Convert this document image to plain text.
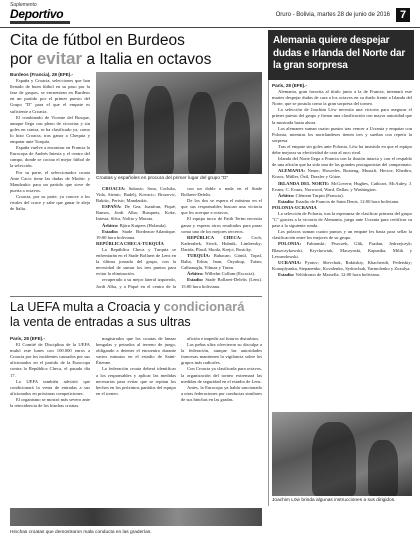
Suplemento
Deportivo	Oruro - Bolivia, martes 28 de junio de 2016 7
Cita de fútbol en Burdeos
por evitar a Italia en octavos
Burdeos (Francia), 28 (EFE).-

España y Croacia, selecciones que han llenado de buen fútbol en su paso por la fase de grupos, se encuentran en Burdeos en un partido por el primer puesto del Grupo "D" para el que el empate es suficiente a Croacia.

El combinado de Vicente del Bosque, aunque llega con pleno de victorias y sin goles en contra, se ha clasificado ya, como lo hizo Croacia, tras ganar a Chequia y empatar ante Turquía.

España vuelve a encontrar en Francia la Eurocopa de Andrés Iniesta y el centro del campo, donde se cocina el mejor fútbol de la selección.

Por su parte, el seleccionador croata Ante Cacic tiene las dudas de Modric y Mandzukic para un partido que sirve de puerta a octavos.

Croacia, por su parte, ya conoce a los rivales del cruce y sabe que ganar le aleja de Italia.

Croatas y españoles en procura del primer lugar del grupo "D"

CROACIA: Subasic; Srna, Corluka, Vida, Strinic; Badelj, Kovacic; Brozovic, Rakitic, Perisic; Mandzukic.

ESPAÑA: De Gea; Juanfran, Piqué, Ramos, Jordi Alba; Busquets, Koke, Iniesta; Silva, Nolito y Morata.

Árbitro: Björn Kuipers (Holanda).

Estadio: Stade Bordeaux-Atlantique. 19:00 hora boliviana.

REPÚBLICA CHECA-TURQUÍA

La República Checa y Turquía se enfrentarán en el Stade Bollaert de Lens en la última jornada del grupo, con la necesidad de sumar los tres puntos para evitar la eliminación.

recuperado a su mejor lateral izquierdo, Jordi Alba, y a Piqué en el centro de la

con un doble o nada en el Stade Bollaert-Delelis.

De los dos se espera el máximo en el que sus responsables buscan una victoria que les acerque a octavos.

El equipo turco de Fatih Terim necesita ganar y esperar otros resultados para pasar como uno de los mejores terceros.

REPÚBLICA CHECA: Cech, Kaderabek, Sivok, Hubnik, Limbersky; Darida, Plasil; Skoda, Krejci, Rosicky.

TURQUÍA: Babacan; Gönül, Topal, Balta, Erkin; Inan, Özyakup, Tufan; Calhanoglu, Yilmaz y Turan.

Árbitro: Wilhelm Collum (Escocia).

Estadio: Stade Bollaert-Delelis (Lens). 15:00 hora boliviana.

Alemania quiere despejar dudas e Irlanda del Norte dar la gran sorpresa
París, 28 (EFE).-

Alemania, gran favorita al título junto a la de Francia, intentará este martes despejar dudas de cara a los octavos en su duelo frente a Irlanda del Norte, que se postula como la gran sorpresa del torneo.

La selección de Joachim Löw necesita una victoria para asegurar el primer puesto del grupo y firmar una clasificación con mayor autoridad que la mostrada hasta ahora.

Los alemanes suman cuatro puntos tras vencer a Ucrania y empatar con Polonia, mientras los norirlandeses tienen tres y sueñan con repetir la sorpresa.

Tras el empate sin goles ante Polonia, Löw ha insistido en que el equipo debe mejorar su efectividad de cara al arco rival.

Irlanda del Norte llega a Francia con la ilusión intacta y con el respaldo de una afición que ha sido una de las grandes protagonistas del campeonato.

ALEMANIA: Neuer; Howedes, Boateng, Mustafi, Hector; Khedira, Kroos; Müller, Özil, Draxler y Götze.

IRLANDA DEL NORTE: McGovern; Hughes, Cathcart, McAuley, J. Evans; C. Evans, Norwood, Ward, Dallas; y Washington.

Árbitro: Clément Turpin (Francia).

Estadio: Estadio de Francia de Saint Denis. 12:00 hora boliviana.

POLONIA-UCRANIA

La selección de Polonia, tras la esperanza de clasificar primera del grupo "C" gracias a la victoria de Alemania, juega ante Ucrania para certificar su pase a la siguiente ronda.

Los polacos suman cuatro puntos y un empate les basta para sellar la clasificación entre los mejores de su grupo.

POLONIA: Fabianski; Piszczek, Glik, Pazdan, Jedrzejczyk; Blaszczykowski, Krychowiak, Maczynski, Kapustka, Milik y Lewandowski.

UCRANIA: Pyatov; Shevchuk, Rakitskiy, Khacheridi, Fedetskiy; Konoplyanka, Stepanenko, Kovalenko, Sydorchuk, Yarmolenko y Zozulya.

Estadio: Velódromo de Marsella. 12:00 hora boliviana.

Joachim Löw brinda algunas instrucciones a sus dirigidos.
La UEFA multa a Croacia y condicionará
la venta de entradas a sus ultras
París, 28 (EFE).-

El Comité de Disciplina de la UEFA multó este lunes con 100.000 euros a Croacia por los incidentes causados por sus aficionados en el partido de la Eurocopa contra la República Checa, el pasado día 17.

La UEFA también advirtió que condicionará la venta de entradas a sus aficionados en próximas competiciones.

El organismo se mostró más severo ante la reincidencia de los hinchas croatas.

magistrados que los croatas de lanzar bengalas y petardos al terreno de juego, obligando a detener el encuentro durante varios minutos en el estadio de Saint-Étienne.

La federación croata deberá identificar a los responsables y aplicar las medidas necesarias para evitar que se repitan los hechos en los próximos partidos del equipo en el torneo.

afición e impedir así futuros disturbios.

Las peñas ultra ofrecieron su disculpa a la federación, aunque las autoridades francesas mantienen la vigilancia sobre los grupos más radicales.

Con Croacia ya clasificada para octavos, la organización del torneo extremará las medidas de seguridad en el estadio de Lens.

Antes, la Eurocopa ya había sancionado a otras federaciones por conductas similares de sus hinchas en las gradas.

Hinchas croatas que demostraron mala conducta en las graderías.
